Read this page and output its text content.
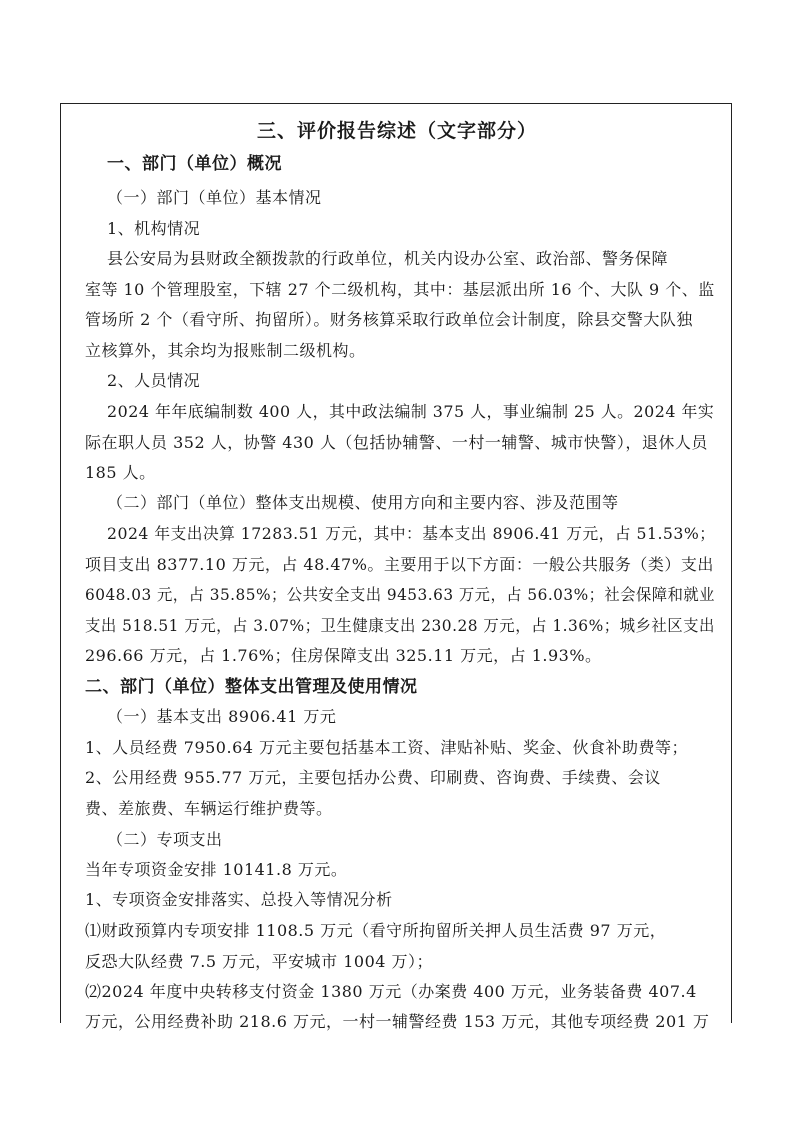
三、评价报告综述（文字部分）
一、部门（单位）概况
（一）部门（单位）基本情况
1、机构情况
县公安局为县财政全额拨款的行政单位，机关内设办公室、政治部、警务保障
室等 10 个管理股室，下辖 27 个二级机构，其中：基层派出所 16 个、大队 9 个、监
管场所 2 个（看守所、拘留所）。财务核算采取行政单位会计制度，除县交警大队独
立核算外，其余均为报账制二级机构。
2、人员情况
2024 年年底编制数 400 人，其中政法编制 375 人，事业编制 25 人。2024 年实
际在职人员 352 人，协警 430 人（包括协辅警、一村一辅警、城市快警），退休人员
185 人。
（二）部门（单位）整体支出规模、使用方向和主要内容、涉及范围等
2024 年支出决算 17283.51 万元，其中：基本支出 8906.41 万元，占 51.53%；
项目支出 8377.10 万元，占 48.47%。主要用于以下方面：一般公共服务（类）支出
6048.03 元，占 35.85%；公共安全支出 9453.63 万元，占 56.03%；社会保障和就业
支出 518.51 万元，占 3.07%；卫生健康支出 230.28 万元，占 1.36%；城乡社区支出
296.66 万元，占 1.76%；住房保障支出 325.11 万元，占 1.93%。
二、部门（单位）整体支出管理及使用情况
（一）基本支出 8906.41 万元
1、人员经费 7950.64 万元主要包括基本工资、津贴补贴、奖金、伙食补助费等；
2、公用经费 955.77 万元，主要包括办公费、印刷费、咨询费、手续费、会议
费、差旅费、车辆运行维护费等。
（二）专项支出
当年专项资金安排 10141.8 万元。
1、专项资金安排落实、总投入等情况分析
⑴财政预算内专项安排 1108.5 万元（看守所拘留所关押人员生活费 97 万元，
反恐大队经费 7.5 万元，平安城市 1004 万）；
⑵2024 年度中央转移支付资金 1380 万元（办案费 400 万元，业务装备费 407.4
万元，公用经费补助 218.6 万元，一村一辅警经费 153 万元，其他专项经费 201 万
